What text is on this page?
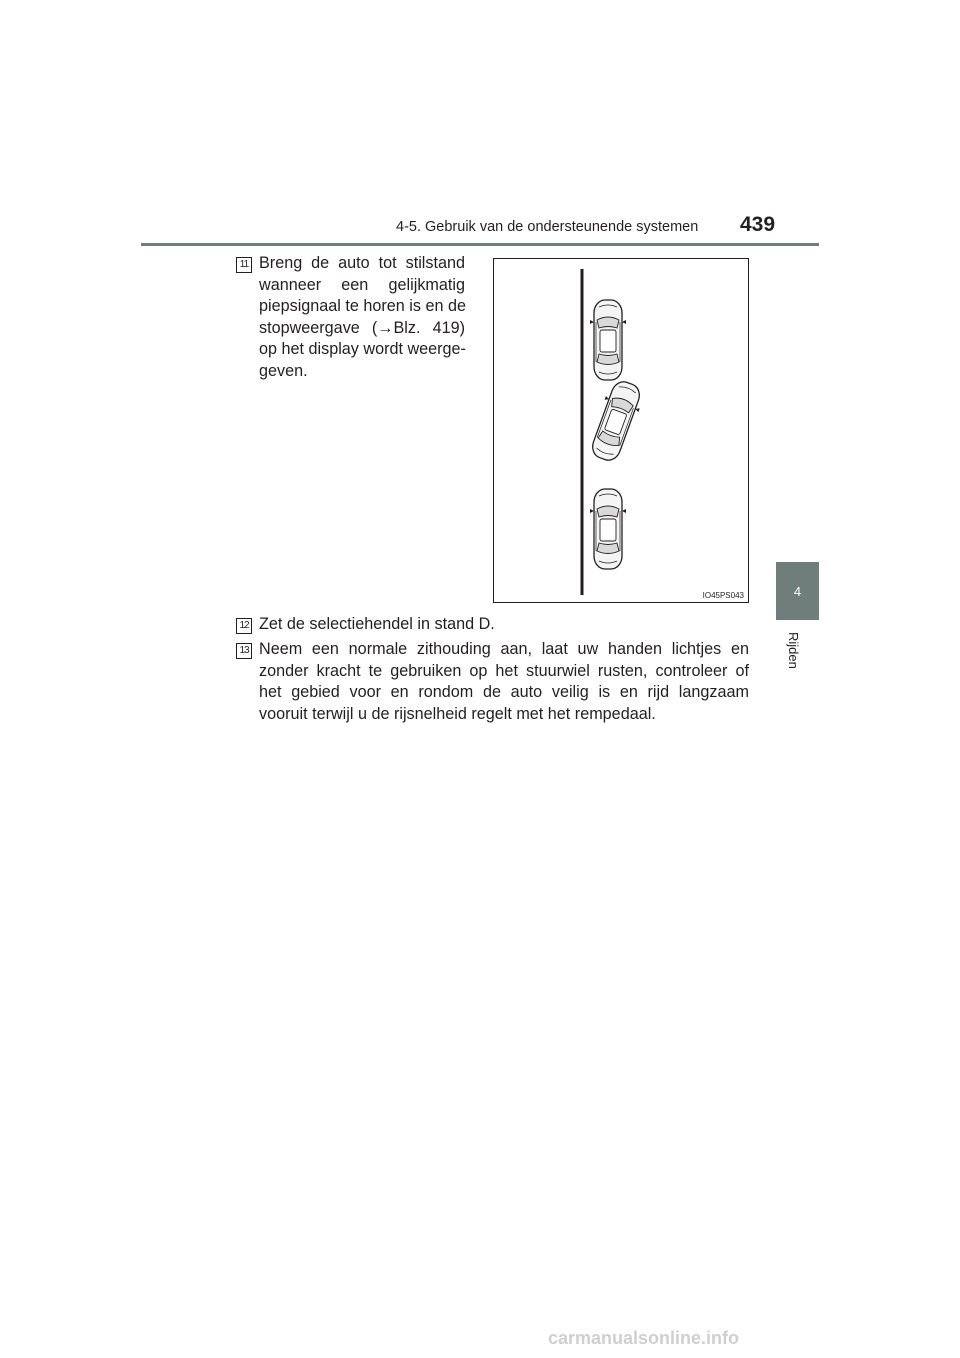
4-5. Gebruik van de ondersteunende systemen 439
4
Rijden
11 Breng de auto tot stilstand
wanneer een gelijkmatig
piepsignaal te horen is en de
stopweergave (→Blz. 419)
op het display wordt weerge-
geven.
IO45PS043
12 Zet de selectiehendel in stand D.
13 Neem een normale zithouding aan, laat uw handen lichtjes en
zonder kracht te gebruiken op het stuurwiel rusten, controleer of
het gebied voor en rondom de auto veilig is en rijd langzaam
vooruit terwijl u de rijsnelheid regelt met het rempedaal.
carmanualsonline.info
